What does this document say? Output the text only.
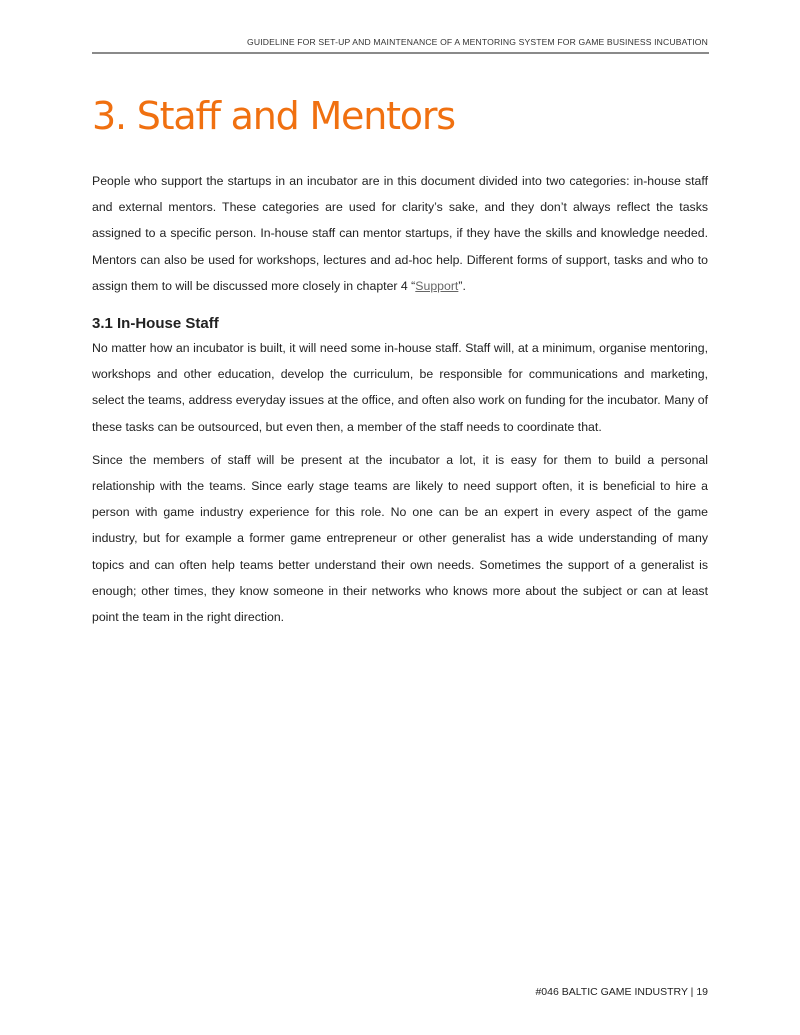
GUIDELINE FOR SET-UP AND MAINTENANCE OF A MENTORING SYSTEM FOR GAME BUSINESS INCUBATION
3. Staff and Mentors

People who support the startups in an incubator are in this document divided into two categories: in-house staff and external mentors. These categories are used for clarity’s sake, and they don’t always reflect the tasks assigned to a specific person. In-house staff can mentor startups, if they have the skills and knowledge needed. Mentors can also be used for workshops, lectures and ad-hoc help. Different forms of support, tasks and who to assign them to will be discussed more closely in chapter 4 “Support”.

3.1 In-House Staff

No matter how an incubator is built, it will need some in-house staff. Staff will, at a minimum, organise mentoring, workshops and other education, develop the curriculum, be responsible for communications and marketing, select the teams, address everyday issues at the office, and often also work on funding for the incubator. Many of these tasks can be outsourced, but even then, a member of the staff needs to coordinate that.

Since the members of staff will be present at the incubator a lot, it is easy for them to build a personal relationship with the teams. Since early stage teams are likely to need support often, it is beneficial to hire a person with game industry experience for this role. No one can be an expert in every aspect of the game industry, but for example a former game entrepreneur or other generalist has a wide understanding of many topics and can often help teams better understand their own needs. Sometimes the support of a generalist is enough; other times, they know someone in their networks who knows more about the subject or can at least point the team in the right direction.

#046 BALTIC GAME INDUSTRY | 19
